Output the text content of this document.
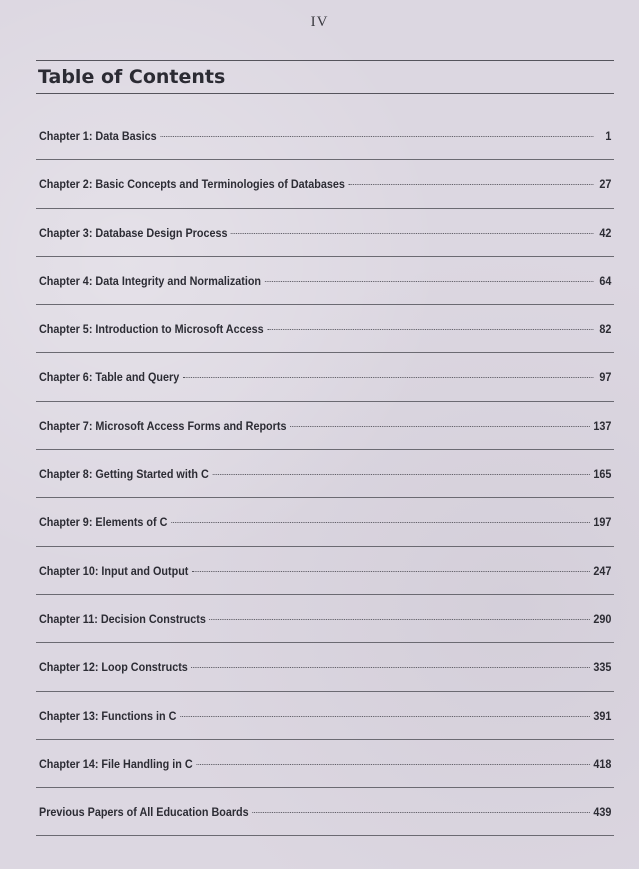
IV
Table of Contents
Chapter 1: Data Basics	1
Chapter 2: Basic Concepts and Terminologies of Databases	27
Chapter 3: Database Design Process	42
Chapter 4: Data Integrity and Normalization	64
Chapter 5: Introduction to Microsoft Access	82
Chapter 6: Table and Query	97
Chapter 7: Microsoft Access Forms and Reports	137
Chapter 8: Getting Started with C	165
Chapter 9: Elements of C	197
Chapter 10: Input and Output	247
Chapter 11: Decision Constructs	290
Chapter 12: Loop Constructs	335
Chapter 13: Functions in C	391
Chapter 14: File Handling in C	418
Previous Papers of All Education Boards	439
